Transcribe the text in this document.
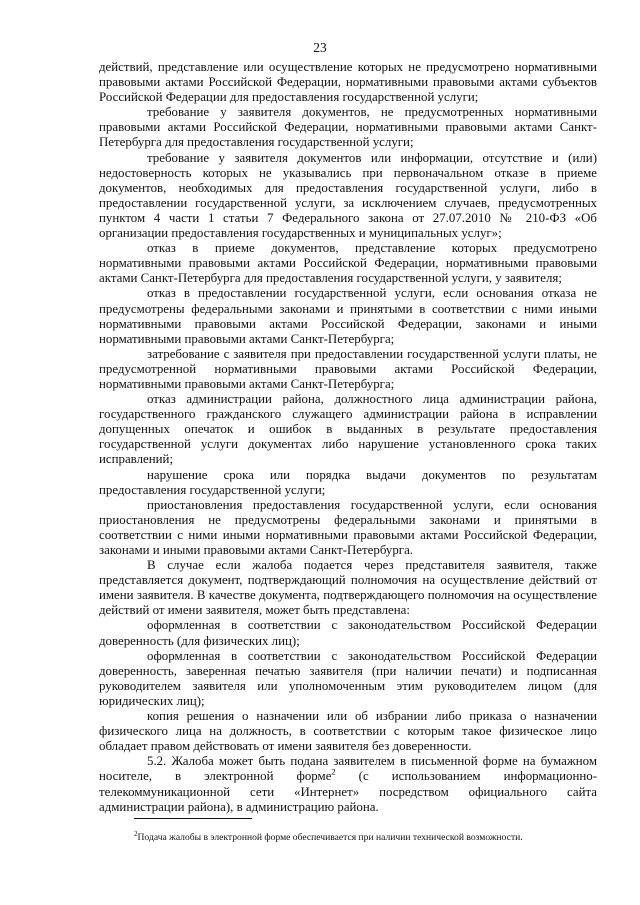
23

действий, представление или осуществление которых не предусмотрено нормативными правовыми актами Российской Федерации, нормативными правовыми актами субъектов Российской Федерации для предоставления государственной услуги;

требование у заявителя документов, не предусмотренных нормативными правовыми актами Российской Федерации, нормативными правовыми актами Санкт-Петербурга для предоставления государственной услуги;

требование у заявителя документов или информации, отсутствие и (или) недостоверность которых не указывались при первоначальном отказе в приеме документов, необходимых для предоставления государственной услуги, либо в предоставлении государственной услуги, за исключением случаев, предусмотренных пунктом 4 части 1 статьи 7 Федерального закона от 27.07.2010 № 210-ФЗ «Об организации предоставления государственных и муниципальных услуг»;

отказ в приеме документов, представление которых предусмотрено нормативными правовыми актами Российской Федерации, нормативными правовыми актами Санкт-Петербурга для предоставления государственной услуги, у заявителя;

отказ в предоставлении государственной услуги, если основания отказа не предусмотрены федеральными законами и принятыми в соответствии с ними иными нормативными правовыми актами Российской Федерации, законами и иными нормативными правовыми актами Санкт-Петербурга;

затребование с заявителя при предоставлении государственной услуги платы, не предусмотренной нормативными правовыми актами Российской Федерации, нормативными правовыми актами Санкт-Петербурга;

отказ администрации района, должностного лица администрации района, государственного гражданского служащего администрации района в исправлении допущенных опечаток и ошибок в выданных в результате предоставления государственной услуги документах либо нарушение установленного срока таких исправлений;

нарушение срока или порядка выдачи документов по результатам предоставления государственной услуги;

приостановления предоставления государственной услуги, если основания приостановления не предусмотрены федеральными законами и принятыми в соответствии с ними иными нормативными правовыми актами Российской Федерации, законами и иными правовыми актами Санкт-Петербурга.

В случае если жалоба подается через представителя заявителя, также представляется документ, подтверждающий полномочия на осуществление действий от имени заявителя. В качестве документа, подтверждающего полномочия на осуществление действий от имени заявителя, может быть представлена:

оформленная в соответствии с законодательством Российской Федерации доверенность (для физических лиц);

оформленная в соответствии с законодательством Российской Федерации доверенность, заверенная печатью заявителя (при наличии печати) и подписанная руководителем заявителя или уполномоченным этим руководителем лицом (для юридических лиц);

копия решения о назначении или об избрании либо приказа о назначении физического лица на должность, в соответствии с которым такое физическое лицо обладает правом действовать от имени заявителя без доверенности.

5.2. Жалоба может быть подана заявителем в письменной форме на бумажном носителе, в электронной форме$^2$ (с использованием информационно-телекоммуникационной сети «Интернет» посредством официального сайта администрации района), в администрацию района.

$^2$Подача жалобы в электронной форме обеспечивается при наличии технической возможности.
